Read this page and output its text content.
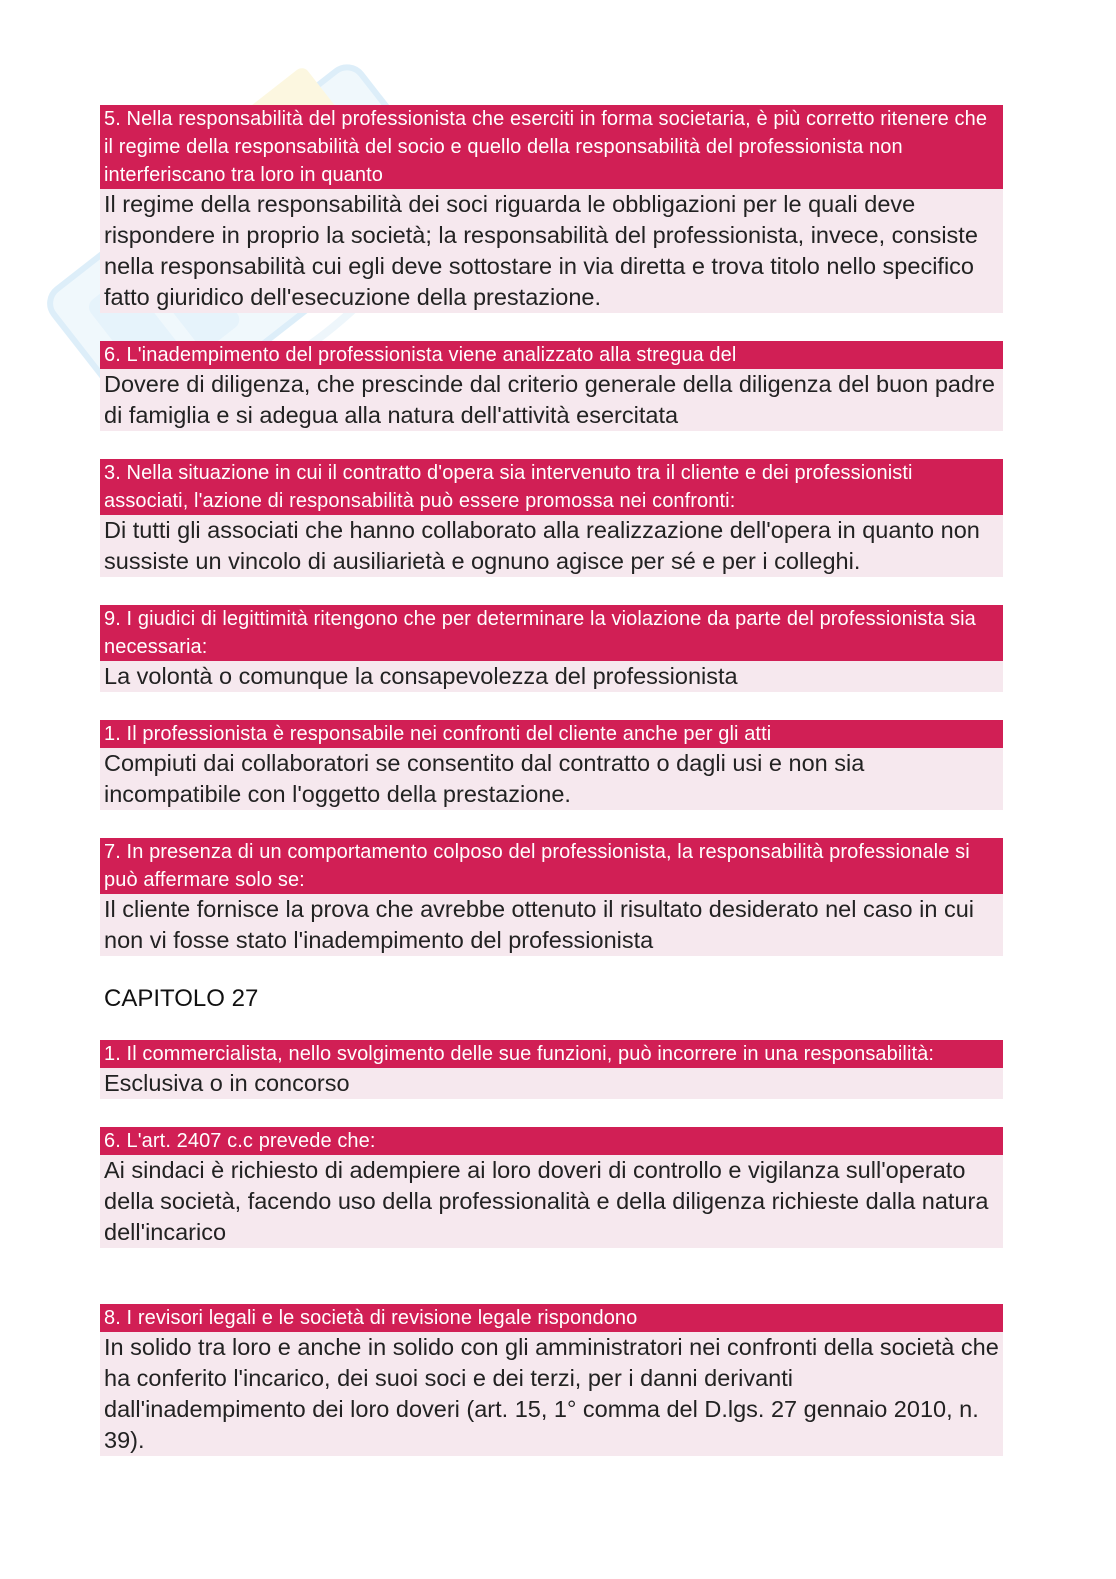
5. Nella responsabilità del professionista che eserciti in forma societaria, è più corretto ritenere che il regime della responsabilità del socio e quello della responsabilità del professionista non interferiscano tra loro in quanto
Il regime della responsabilità dei soci riguarda le obbligazioni per le quali deve rispondere in proprio la società; la responsabilità del professionista, invece, consiste nella responsabilità cui egli deve sottostare in via diretta e trova titolo nello specifico fatto giuridico dell'esecuzione della prestazione.
6. L'inadempimento del professionista viene analizzato alla stregua del
Dovere di diligenza, che prescinde dal criterio generale della diligenza del buon padre di famiglia e si adegua alla natura dell'attività esercitata
3. Nella situazione in cui il contratto d'opera sia intervenuto tra il cliente e dei professionisti associati, l'azione di responsabilità può essere promossa nei confronti:
Di tutti gli associati che hanno collaborato alla realizzazione dell'opera in quanto non sussiste un vincolo di ausiliarietà e ognuno agisce per sé e per i colleghi.
9. I giudici di legittimità ritengono che per determinare la violazione da parte del professionista sia necessaria:
La volontà o comunque la consapevolezza del professionista
1. Il professionista è responsabile nei confronti del cliente anche per gli atti
Compiuti dai collaboratori se consentito dal contratto o dagli usi e non sia incompatibile con l'oggetto della prestazione.
7. In presenza di un comportamento colposo del professionista, la responsabilità professionale si può affermare solo se:
Il cliente fornisce la prova che avrebbe ottenuto il risultato desiderato nel caso in cui non vi fosse stato l'inadempimento del professionista
CAPITOLO 27
1. Il commercialista, nello svolgimento delle sue funzioni, può incorrere in una responsabilità:
Esclusiva o in concorso
6. L'art. 2407 c.c prevede che:
Ai sindaci è richiesto di adempiere ai loro doveri di controllo e vigilanza sull'operato della società, facendo uso della professionalità e della diligenza richieste dalla natura dell'incarico
8. I revisori legali e le società di revisione legale rispondono
In solido tra loro e anche in solido con gli amministratori nei confronti della società che ha conferito l'incarico, dei suoi soci e dei terzi, per i danni derivanti dall'inadempimento dei loro doveri (art. 15, 1° comma del D.lgs. 27 gennaio 2010, n. 39).
